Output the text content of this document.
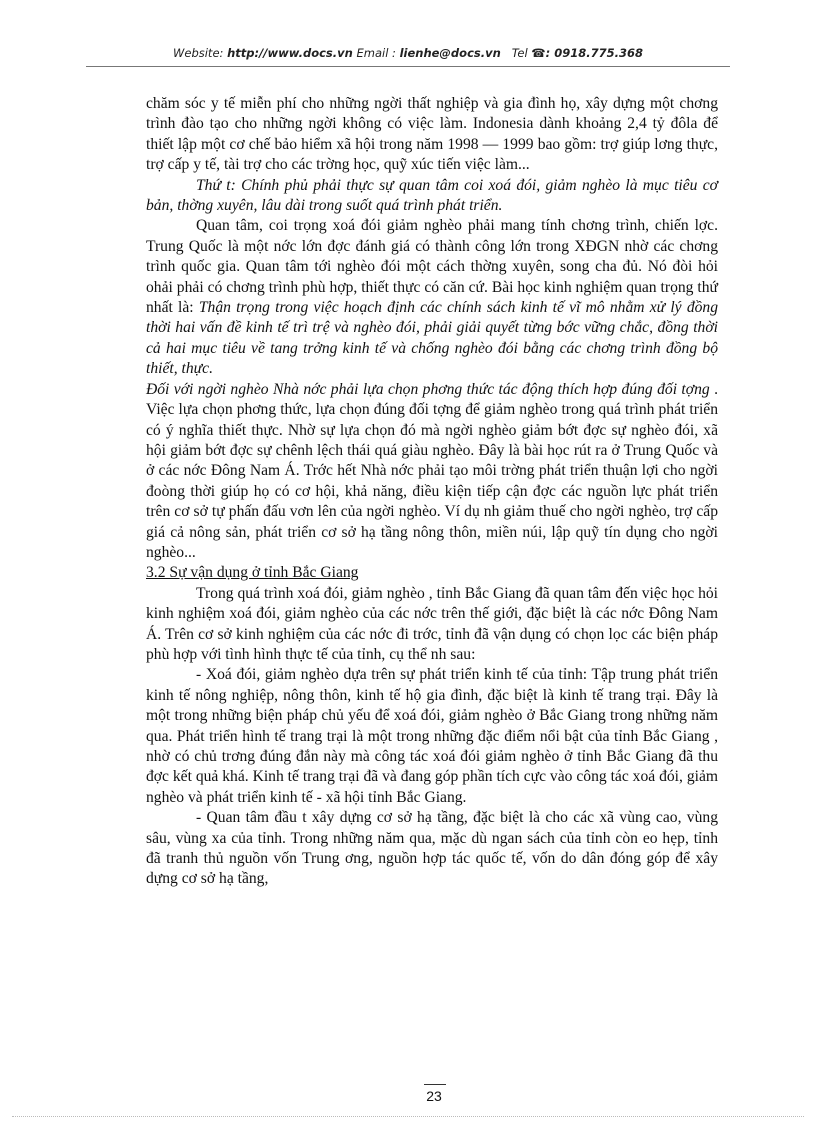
Website: http://www.docs.vn Email : lienhe@docs.vn Tel ☎: 0918.775.368

chăm sóc y tế miễn phí cho những ngời thất nghiệp và gia đình họ, xây dựng một chơng trình đào tạo cho những ngời không có việc làm. Indonesia dành khoảng 2,4 tỷ đôla để thiết lập một cơ chế bảo hiểm xã hội trong năm 1998 — 1999 bao gồm: trợ giúp lơng thực, trợ cấp y tế, tài trợ cho các trờng học, quỹ xúc tiến việc làm...

Thứ t: Chính phủ phải thực sự quan tâm coi xoá đói, giảm nghèo là mục tiêu cơ bản, thờng xuyên, lâu dài trong suốt quá trình phát triển.

Quan tâm, coi trọng xoá đói giảm nghèo phải mang tính chơng trình, chiến lợc. Trung Quốc là một nớc lớn đợc đánh giá có thành công lớn trong XĐGN nhờ các chơng trình quốc gia. Quan tâm tới nghèo đói một cách thờng xuyên, song cha đủ. Nó đòi hỏi ohải phải có chơng trình phù hợp, thiết thực có căn cứ. Bài học kinh nghiệm quan trọng thứ nhất là: Thận trọng trong việc hoạch định các chính sách kinh tế vĩ mô nhằm xử lý đồng thời hai vấn đề kinh tế trì trệ và nghèo đói, phải giải quyết từng bớc vững chắc, đồng thời cả hai mục tiêu về tang trởng kinh tế và chống nghèo đói bằng các chơng trình đồng bộ thiết, thực.

Đối với ngời nghèo Nhà nớc phải lựa chọn phơng thức tác động thích hợp đúng đối tợng . Việc lựa chọn phơng thức, lựa chọn đúng đối tợng để giảm nghèo trong quá trình phát triển có ý nghĩa thiết thực. Nhờ sự lựa chọn đó mà ngời nghèo giảm bớt đợc sự nghèo đói, xã hội giảm bớt đợc sự chênh lệch thái quá giàu nghèo. Đây là bài học rút ra ở Trung Quốc và ở các nớc Đông Nam Á. Trớc hết Nhà nớc phải tạo môi trờng phát triển thuận lợi cho ngời đoòng thời giúp họ có cơ hội, khả năng, điều kiện tiếp cận đợc các nguồn lực phát triển trên cơ sở tự phấn đấu vơn lên của ngời nghèo. Ví dụ nh giảm thuế cho ngời nghèo, trợ cấp giá cả nông sản, phát triển cơ sở hạ tầng nông thôn, miền núi, lập quỹ tín dụng cho ngời nghèo...

3.2 Sự vận dụng ở tỉnh Bắc Giang

Trong quá trình xoá đói, giảm nghèo , tỉnh Bắc Giang đã quan tâm đến việc học hỏi kinh nghiệm xoá đói, giảm nghèo của các nớc trên thế giới, đặc biệt là các nớc Đông Nam Á. Trên cơ sở kinh nghiệm của các nớc đi trớc, tỉnh đã vận dụng có chọn lọc các biện pháp phù hợp với tình hình thực tế của tỉnh, cụ thể nh sau:

- Xoá đói, giảm nghèo dựa trên sự phát triển kinh tế của tỉnh: Tập trung phát triển kinh tế nông nghiệp, nông thôn, kinh tế hộ gia đình, đặc biệt là kinh tế trang trại. Đây là một trong những biện pháp chủ yếu để xoá đói, giảm nghèo ở Bắc Giang trong những năm qua. Phát triển hình tế trang trại là một trong những đặc điểm nổi bật của tỉnh Bắc Giang , nhờ có chủ trơng đúng đắn này mà công tác xoá đói giảm nghèo ở tỉnh Bắc Giang đã thu đợc kết quả khá. Kinh tế trang trại đã và đang góp phần tích cực vào công tác xoá đói, giảm nghèo và phát triển kinh tế - xã hội tỉnh Bắc Giang.

- Quan tâm đầu t xây dựng cơ sở hạ tầng, đặc biệt là cho các xã vùng cao, vùng sâu, vùng xa của tỉnh. Trong những năm qua, mặc dù ngan sách của tỉnh còn eo hẹp, tỉnh đã tranh thủ nguồn vốn Trung ơng, nguồn hợp tác quốc tế, vốn do dân đóng góp để xây dựng cơ sở hạ tầng,

23
